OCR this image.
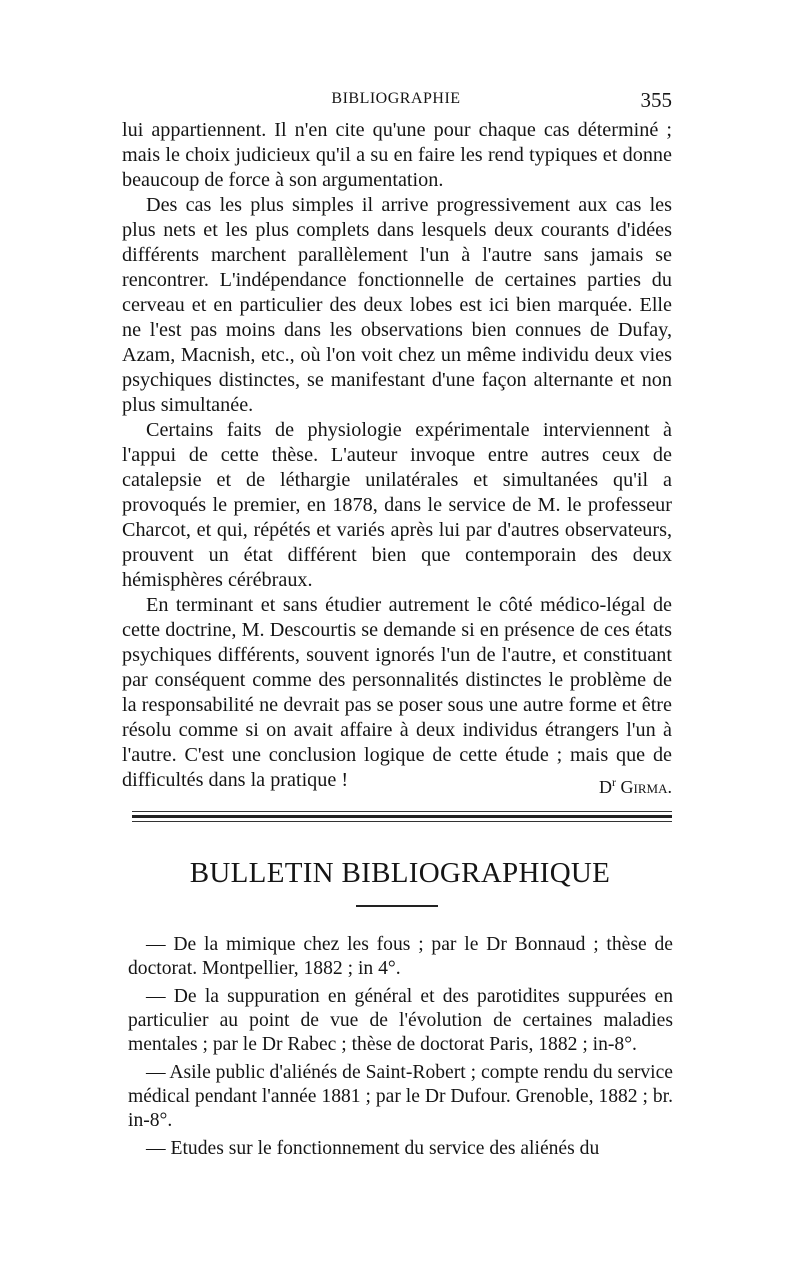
BIBLIOGRAPHIE	355

lui appartiennent. Il n'en cite qu'une pour chaque cas déterminé ; mais le choix judicieux qu'il a su en faire les rend typiques et donne beaucoup de force à son argumentation.

Des cas les plus simples il arrive progressivement aux cas les plus nets et les plus complets dans lesquels deux courants d'idées différents marchent parallèlement l'un à l'autre sans jamais se rencontrer. L'indépendance fonctionnelle de certaines parties du cerveau et en particulier des deux lobes est ici bien marquée. Elle ne l'est pas moins dans les observations bien connues de Dufay, Azam, Macnish, etc., où l'on voit chez un même individu deux vies psychiques distinctes, se manifestant d'une façon alternante et non plus simultanée.

Certains faits de physiologie expérimentale interviennent à l'appui de cette thèse. L'auteur invoque entre autres ceux de catalepsie et de léthargie unilatérales et simultanées qu'il a provoqués le premier, en 1878, dans le service de M. le professeur Charcot, et qui, répétés et variés après lui par d'autres observateurs, prouvent un état différent bien que contemporain des deux hémisphères cérébraux.

En terminant et sans étudier autrement le côté médico-légal de cette doctrine, M. Descourtis se demande si en présence de ces états psychiques différents, souvent ignorés l'un de l'autre, et constituant par conséquent comme des personnalités distinctes le problème de la responsabilité ne devrait pas se poser sous une autre forme et être résolu comme si on avait affaire à deux individus étrangers l'un à l'autre. C'est une conclusion logique de cette étude ; mais que de difficultés dans la pratique !	$D^r$ Girma.
BULLETIN BIBLIOGRAPHIQUE

— De la mimique chez les fous ; par le Dr Bonnaud ; thèse de doctorat. Montpellier, 1882 ; in 4°.

— De la suppuration en général et des parotidites suppurées en particulier au point de vue de l'évolution de certaines maladies mentales ; par le Dr Rabec ; thèse de doctorat Paris, 1882 ; in-8°.

— Asile public d'aliénés de Saint-Robert ; compte rendu du service médical pendant l'année 1881 ; par le Dr Dufour. Grenoble, 1882 ; br. in-8°.

— Etudes sur le fonctionnement du service des aliénés du
